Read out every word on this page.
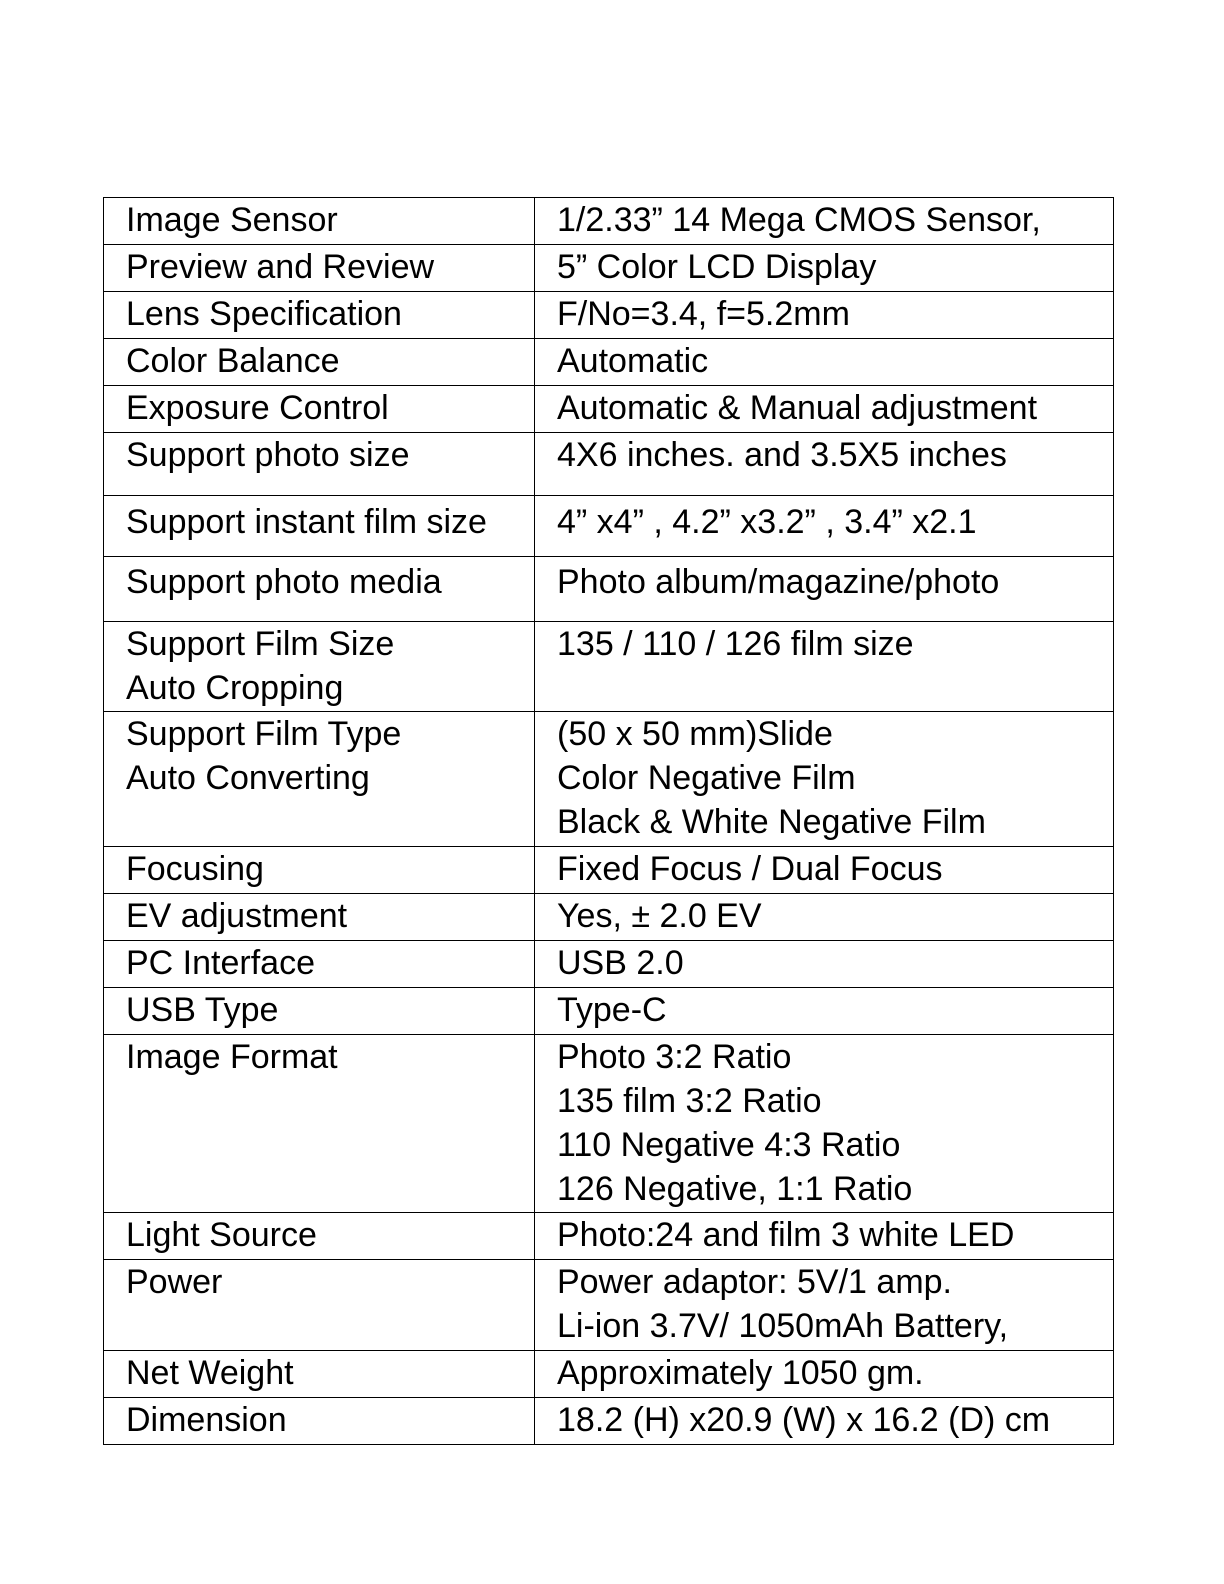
Image Sensor	1/2.33” 14 Mega CMOS Sensor,

Preview and Review	5” Color LCD Display

Lens Specification	F/No=3.4, f=5.2mm

Color Balance	Automatic

Exposure Control	Automatic & Manual adjustment

Support photo size	4X6 inches. and 3.5X5 inches

Support instant film size	4” x4” , 4.2” x3.2” , 3.4” x2.1

Support photo media	Photo album/magazine/photo

Support Film Size
Auto Cropping	135 / 110 / 126 film size

Support Film Type
Auto Converting	(50 x 50 mm)Slide
Color Negative Film
Black & White Negative Film

Focusing	Fixed Focus / Dual Focus

EV adjustment	Yes, ± 2.0 EV

PC Interface	USB 2.0

USB Type	Type-C

Image Format	Photo 3:2 Ratio
135 film 3:2 Ratio
110 Negative 4:3 Ratio
126 Negative, 1:1 Ratio

Light Source	Photo:24 and film 3 white LED

Power	Power adaptor: 5V/1 amp.
Li-ion 3.7V/ 1050mAh Battery,

Net Weight	Approximately 1050 gm.

Dimension	18.2 (H) x20.9 (W) x 16.2 (D) cm
